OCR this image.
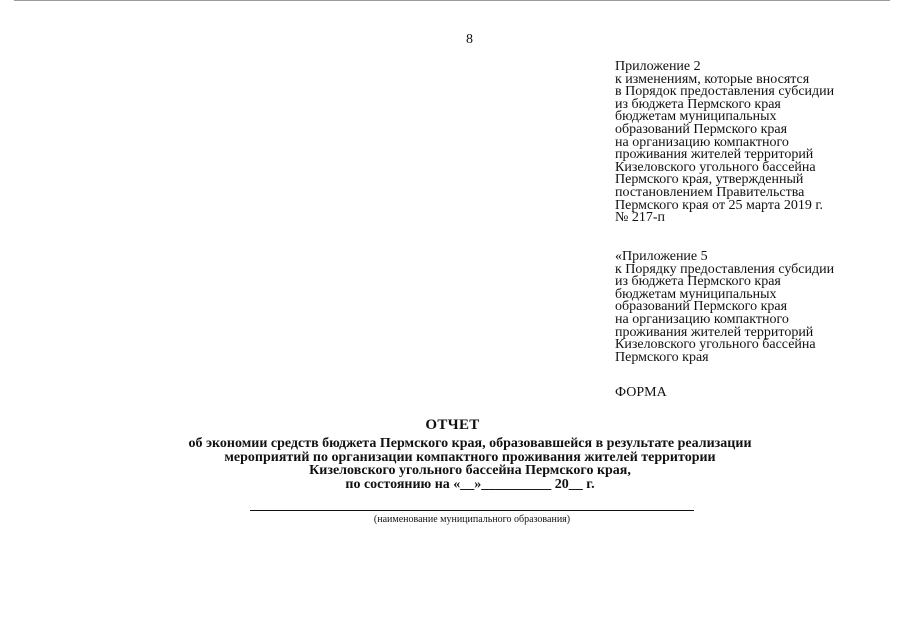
8
Приложение 2
к изменениям, которые вносятся
в Порядок предоставления субсидии
из бюджета Пермского края
бюджетам муниципальных
образований Пермского края
на организацию компактного
проживания жителей территорий
Кизеловского угольного бассейна
Пермского края, утвержденный
постановлением Правительства
Пермского края от 25 марта 2019 г.
№ 217-п
«Приложение 5
к Порядку предоставления субсидии
из бюджета Пермского края
бюджетам муниципальных
образований Пермского края
на организацию компактного
проживания жителей территорий
Кизеловского угольного бассейна
Пермского края
ФОРМА
ОТЧЕТ
об экономии средств бюджета Пермского края, образовавшейся в результате реализации
мероприятий по организации компактного проживания жителей территории
Кизеловского угольного бассейна Пермского края,
по состоянию на «__»__________ 20__ г.
(наименование муниципального образования)
